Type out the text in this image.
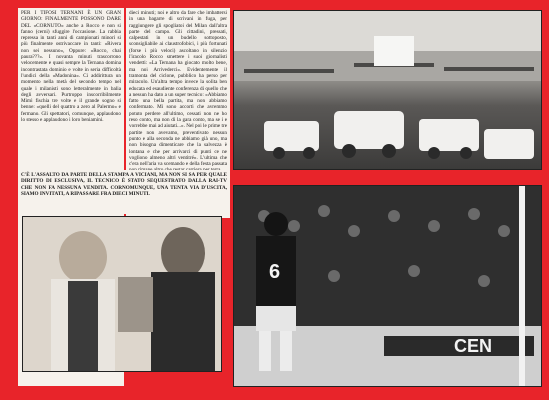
PER I TIFOSI TERNANI È UN GRAN GIORNO: FINALMENTE POSSONO DARE DEL «CORNUTO» anche a Rocco e non si fanno (cerni) sfuggire l'occasione. La rabbia repressa in tanti anni di campionati minori si più finalmente ostrivaccare in tanti: «Rivera non sei nessuno», Oppure: «Rocco, chai paura???». I novanta minuti trascorrono velocemente e quasi sempre la Ternana domina incontrastata dominio e volte in seria difficoltà l'undici della «Madonina». Ci addirittura un momento nella metà del secondo tempo nel quale i milanisti sono letteralmente in balia degli avversari. Purtroppo inscorribilmente Mimì fischia tre volte e il grande sogno si benne: «quelli del quattro a zero al Palermo» e fermano. Gli spettatori, comunque, applaudono lo stesso e applaudono i loro beniamini.
dieci minuti; noi e altro da fare che imbattersi in una bagarre di scrivani in fuga, per raggiungere gli spogliatoi del Milan dall'altra parte del campo. Gli cittadini, pressati, calpestati in un budello sottoposto, sconsigliabile ai claustrofobici, i più fortunati (forse i più veloci) ascoltano in silenzio l'iracolo Rocco smettere i suoi giornalisti vendetti: «La Ternana ha giocato molto bene, ma noi Arrivederci». Evidentemente il tramonta del ciclone, pubblico ha perso per miracolo. Un'altra tempo invece la solita ben educata ed esaudiente conferenza di quello che a nessun ha dato a un super tecnico: «Abbiamo fatto una bella partita, ma non abbiamo confermato. Mi sono accorti che avremmo potuto perdere all'ultimo, cessati non ne ho reso conto, ma non di la gara conto, ma se i e vorrebbe mai ad aiutati...». Nel poi le prime tre partite non avevamo, preventivato nessun punto e alla seconda ne abbiamo già uno, ma non bisogna dimenticare che la salvezza è lontana e che per arrivarci di punti ce ne vogliono almeno altri ventitré». L'ultima che c'era nell'aria va scemando e della festa passata
C'È L'ASSALTO DA PARTE DELLA STAMPA A VICIANI, MA NON SI SA PER QUALE DIRITTO DI ESCLUSIVA, IL TECNICO È STATO SEQUESTRATO DALLA RAI-TV CHE NON FA NESSUNA VENDITA. CORNOMUNQUE, UNA TENTA VIA D'USCITA, SIAMO INVITATI, A RIPASSARE FRA DIECI MINUTI.
CEN
6
